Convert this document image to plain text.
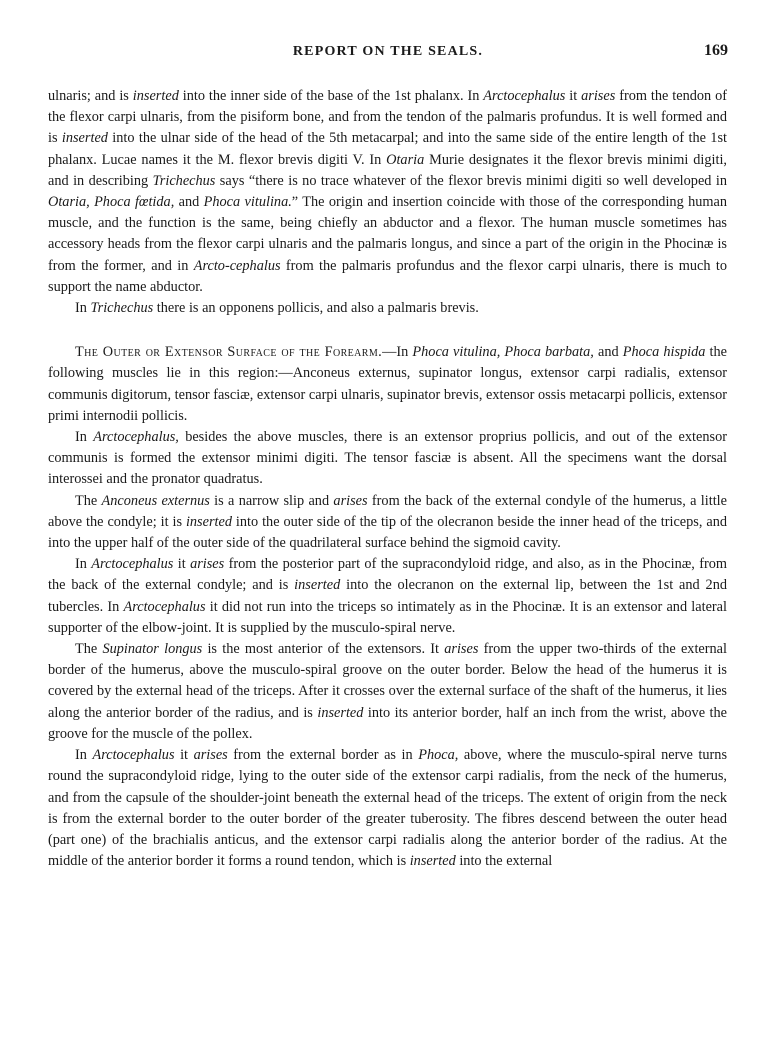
REPORT ON THE SEALS.	169

ulnaris; and is inserted into the inner side of the base of the 1st phalanx. In Arctocephalus it arises from the tendon of the flexor carpi ulnaris, from the pisiform bone, and from the tendon of the palmaris profundus. It is well formed and is inserted into the ulnar side of the head of the 5th metacarpal; and into the same side of the entire length of the 1st phalanx. Lucae names it the M. flexor brevis digiti V. In Otaria Murie designates it the flexor brevis minimi digiti, and in describing Trichechus says “there is no trace whatever of the flexor brevis minimi digiti so well developed in Otaria, Phoca fœtida, and Phoca vitulina.” The origin and insertion coincide with those of the corresponding human muscle, and the function is the same, being chiefly an abductor and a flexor. The human muscle sometimes has accessory heads from the flexor carpi ulnaris and the palmaris longus, and since a part of the origin in the Phocinæ is from the former, and in Arcto-cephalus from the palmaris profundus and the flexor carpi ulnaris, there is much to support the name abductor.

In Trichechus there is an opponens pollicis, and also a palmaris brevis.

The Outer or Extensor Surface of the Forearm.—In Phoca vitulina, Phoca barbata, and Phoca hispida the following muscles lie in this region:—Anconeus externus, supinator longus, extensor carpi radialis, extensor communis digitorum, tensor fasciæ, extensor carpi ulnaris, supinator brevis, extensor ossis metacarpi pollicis, extensor primi internodii pollicis.

In Arctocephalus, besides the above muscles, there is an extensor proprius pollicis, and out of the extensor communis is formed the extensor minimi digiti. The tensor fasciæ is absent. All the specimens want the dorsal interossei and the pronator quadratus.

The Anconeus externus is a narrow slip and arises from the back of the external condyle of the humerus, a little above the condyle; it is inserted into the outer side of the tip of the olecranon beside the inner head of the triceps, and into the upper half of the outer side of the quadrilateral surface behind the sigmoid cavity.

In Arctocephalus it arises from the posterior part of the supracondyloid ridge, and also, as in the Phocinæ, from the back of the external condyle; and is inserted into the olecranon on the external lip, between the 1st and 2nd tubercles. In Arctocephalus it did not run into the triceps so intimately as in the Phocinæ. It is an extensor and lateral supporter of the elbow-joint. It is supplied by the musculo-spiral nerve.

The Supinator longus is the most anterior of the extensors. It arises from the upper two-thirds of the external border of the humerus, above the musculo-spiral groove on the outer border. Below the head of the humerus it is covered by the external head of the triceps. After it crosses over the external surface of the shaft of the humerus, it lies along the anterior border of the radius, and is inserted into its anterior border, half an inch from the wrist, above the groove for the muscle of the pollex.

In Arctocephalus it arises from the external border as in Phoca, above, where the musculo-spiral nerve turns round the supracondyloid ridge, lying to the outer side of the extensor carpi radialis, from the neck of the humerus, and from the capsule of the shoulder-joint beneath the external head of the triceps. The extent of origin from the neck is from the external border to the outer border of the greater tuberosity. The fibres descend between the outer head (part one) of the brachialis anticus, and the extensor carpi radialis along the anterior border of the radius. At the middle of the anterior border it forms a round tendon, which is inserted into the external
